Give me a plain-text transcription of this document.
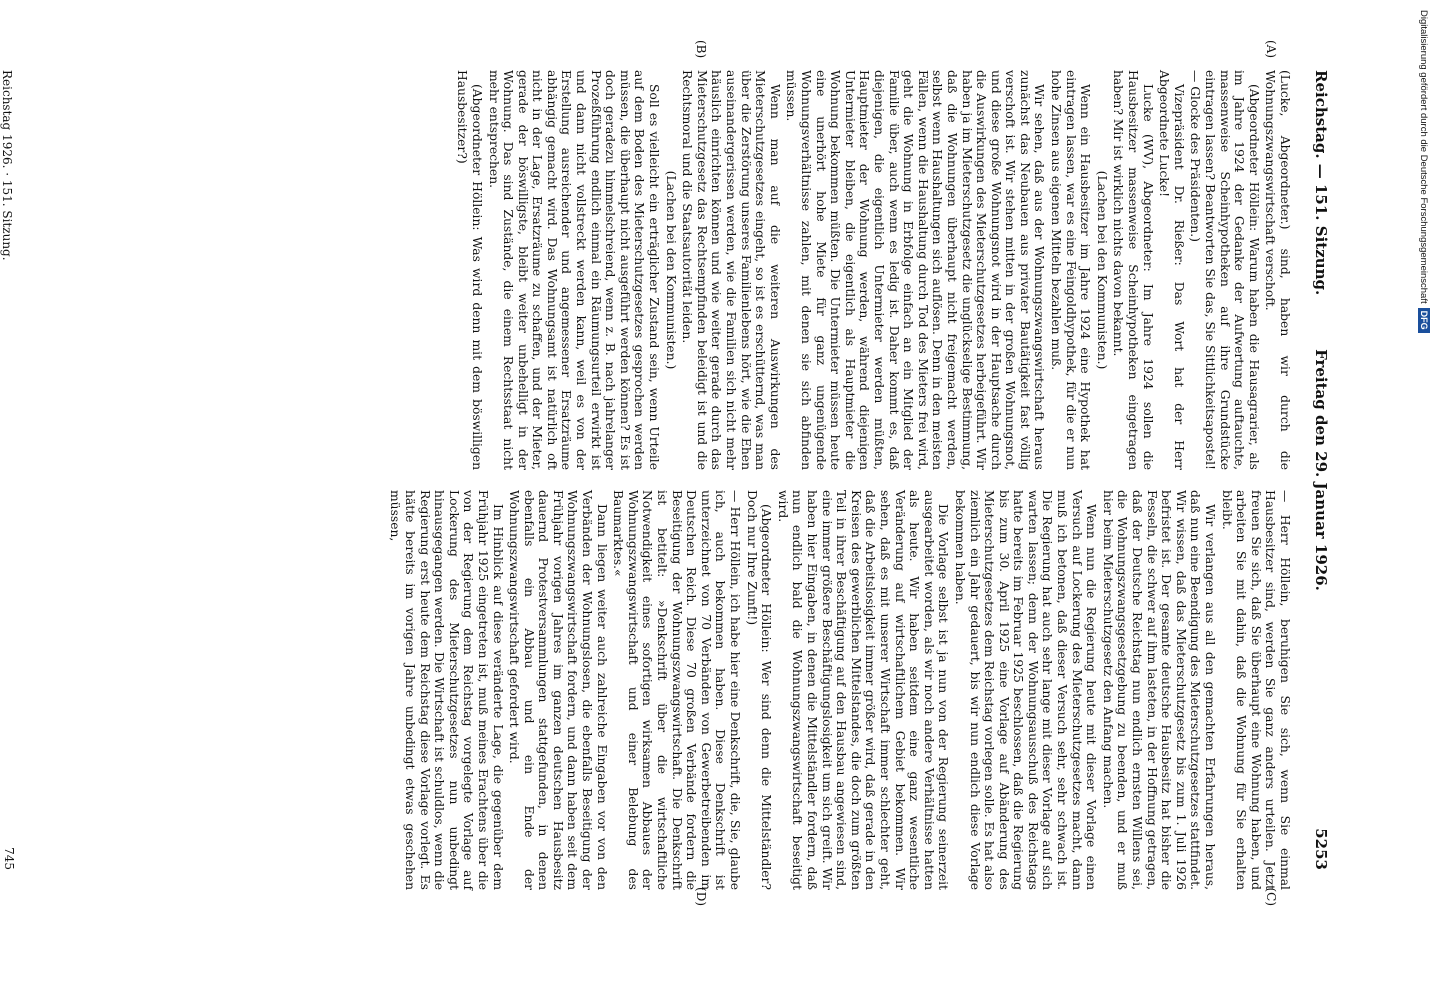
Reichstag. — 151. Sitzung.
Freitag den 29. Januar 1926.
5253
(A)
(B)
(C)
(D)

(Lucke, Abgeordneter.) sind, haben wir durch die Wohnungszwangswirtschaft verschoft.

(Abgeordneter Höllein: Warum haben die Hausagrarier, als im Jahre 1924 der Gedanke der Aufwertung auftauchte, massenweise Scheinhypotheken auf ihre Grundstücke eintragen lassen? Beantworten Sie das, Sie Sittlichkeitsapostel! — Glocke des Präsidenten.)

Vizepräsident Dr. Rießer: Das Wort hat der Herr Abgeordnete Lucke!

Lucke (WV), Abgeordneter: Im Jahre 1924 sollen die Hausbesitzer massenweise Scheinhypotheken eingetragen haben? Mir ist wirklich nichts davon bekannt.

(Lachen bei den Kommunisten.)

Wenn ein Hausbesitzer im Jahre 1924 eine Hypothek hat eintragen lassen, war es eine Feingoldhypothek, für die er nun hohe Zinsen aus eigenen Mitteln bezahlen muß.

Wir sehen, daß aus der Wohnungszwangswirtschaft heraus zunächst das Neubauen aus privater Bautätigkeit fast völlig verschoft ist. Wir stehen mitten in der großen Wohnungsnot, und diese große Wohnungsnot wird in der Hauptsache durch die Auswirkungen des Mieterschutzgesetzes herbeigeführt. Wir haben ja im Mieterschutzgesetz die unglückselige Bestimmung, daß die Wohnungen überhaupt nicht freigemacht werden, selbst wenn Haushaltungen sich auflösen. Denn in den meisten Fällen, wenn die Haushaltung durch Tod des Mieters frei wird, geht die Wohnung in Erbfolge einfach an ein Mitglied der Familie über, auch wenn es ledig ist. Daher kommt es, daß diejenigen, die eigentlich Untermieter werden müßten, Hauptmieter der Wohnung werden, während diejenigen Untermieter bleiben, die eigentlich als Hauptmieter die Wohnung bekommen müßten. Die Untermieter müssen heute eine unerhört hohe Miete für ganz ungenügende Wohnungsverhältnisse zahlen, mit denen sie sich abfinden müssen.

Wenn man auf die weiteren Auswirkungen des Mieterschutzgesetzes eingeht, so ist es erschütternd, was man über die Zerstörung unseres Familienlebens hört, wie die Ehen auseinandergerissen werden, wie die Familien sich nicht mehr häuslich einrichten können und wie weiter gerade durch das Mieterschutzgesetz das Rechtsempfinden beleidigt ist und die Rechtsmoral und die Staatsautorität leiden.

(Lachen bei den Kommunisten.)

Soll es vielleicht ein erträglicher Zustand sein, wenn Urteile auf dem Boden des Mieterschutzgesetzes gesprochen werden müssen, die überhaupt nicht ausgeführt werden können? Es ist doch geradezu himmelschreiend, wenn z. B. nach jahrelanger Prozeßführung endlich einmal ein Räumungsurteil erwirkt ist und dann nicht vollstreckt werden kann, weil es von der Erstellung ausreichender und angemessener Ersatzräume abhängig gemacht wird. Das Wohnungsamt ist natürlich oft nicht in der Lage, Ersatzräume zu schaffen, und der Mieter, gerade der böswilligste, bleibt weiter unbehelligt in der Wohnung. Das sind Zustände, die einem Rechtsstaat nicht mehr entsprechen.

(Abgeordneter Höllein: Was wird denn mit dem böswilligen Hausbesitzer?)

— Herr Höllein, beruhigen Sie sich, wenn Sie einmal Hausbesitzer sind, werden Sie ganz anders urteilen. Jetzt freuen Sie sich, daß Sie überhaupt eine Wohnung haben, und arbeiten Sie mit dahin, daß die Wohnung für Sie erhalten bleibt.

Wir verlangen aus all den gemachten Erfahrungen heraus, daß nun eine Beendigung des Mieterschutzgesetzes stattfindet. Wir wissen, daß das Mieterschutzgesetz bis zum 1. Juli 1926 befristet ist. Der gesamte deutsche Hausbesitz hat bisher die Fesseln, die schwer auf ihm lasteten, in der Hoffnung getragen, daß der Deutsche Reichstag nun endlich ernsten Willens sei, die Wohnungszwangsgesetzgebung zu beenden, und er muß hier beim Mieterschutzgesetz den Anfang machen.

Wenn nun die Regierung heute mit dieser Vorlage einen Versuch auf Lockerung des Mieterschutzgesetzes macht, dann muß ich betonen, daß dieser Versuch sehr, sehr schwach ist. Die Regierung hat auch sehr lange mit dieser Vorlage auf sich warten lassen; denn der Wohnungsausschuß des Reichstags hatte bereits im Februar 1925 beschlossen, daß die Regierung bis zum 30. April 1925 eine Vorlage auf Abänderung des Mieterschutzgesetzes dem Reichstag vorlegen solle. Es hat also ziemlich ein Jahr gedauert, bis wir nun endlich diese Vorlage bekommen haben.

Die Vorlage selbst ist ja nun von der Regierung seinerzeit ausgearbeitet worden, als wir noch andere Verhältnisse hatten als heute. Wir haben seitdem eine ganz wesentliche Veränderung auf wirtschaftlichem Gebiet bekommen. Wir sehen, daß es mit unserer Wirtschaft immer schlechter geht, daß die Arbeitslosigkeit immer größer wird, daß gerade in den Kreisen des gewerblichen Mittelstandes, die doch zum größten Teil in ihrer Beschäftigung auf den Hausbau angewiesen sind, eine immer größere Beschäftigungslosigkeit um sich greift. Wir haben hier Eingaben, in denen die Mittelständler fordern, daß nun endlich bald die Wohnungszwangswirtschaft beseitigt wird.

(Abgeordneter Höllein: Wer sind denn die Mittelständler? Doch nur Ihre Zunft!)

— Herr Höllein, ich habe hier eine Denkschrift, die, Sie, glaube ich, auch bekommen haben. Diese Denkschrift ist unterzeichnet von 70 Verbänden von Gewerbetreibenden im Deutschen Reich. Diese 70 großen Verbände fordern die Beseitigung der Wohnungszwangswirtschaft. Die Denkschrift ist betitelt: »Denkschrift über die wirtschaftliche Notwendigkeit eines sofortigen wirksamen Abbaues der Wohnungszwangswirtschaft und einer Belebung des Baumarktes.«

Dann liegen weiter auch zahlreiche Eingaben vor von den Verbänden der Wohnungslosen, die ebenfalls Beseitigung der Wohnungszwangswirtschaft fordern, und dann haben seit dem Frühjahr vorigen Jahres im ganzen deutschen Hausbesitz dauernd Protestversammlungen stattgefunden, in denen ebenfalls ein Abbau und ein Ende der Wohnungszwangswirtschaft gefordert wird.

Im Hinblick auf diese veränderte Lage, die gegenüber dem Frühjahr 1925 eingetreten ist, muß meines Erachtens über die von der Regierung dem Reichstag vorgelegte Vorlage auf Lockerung des Mieterschutzgesetzes nun unbedingt hinausgegangen werden. Die Wirtschaft ist schuldlos, wenn die Regierung erst heute dem Reichstag diese Vorlage vorlegt. Es hätte bereits im vorigen Jahre unbedingt etwas geschehen müssen,

Reichstag 1926. · 151. Sitzung.
745
Digitalisierung gefördert durch die Deutsche ForschungsgemeinschaftDFG
